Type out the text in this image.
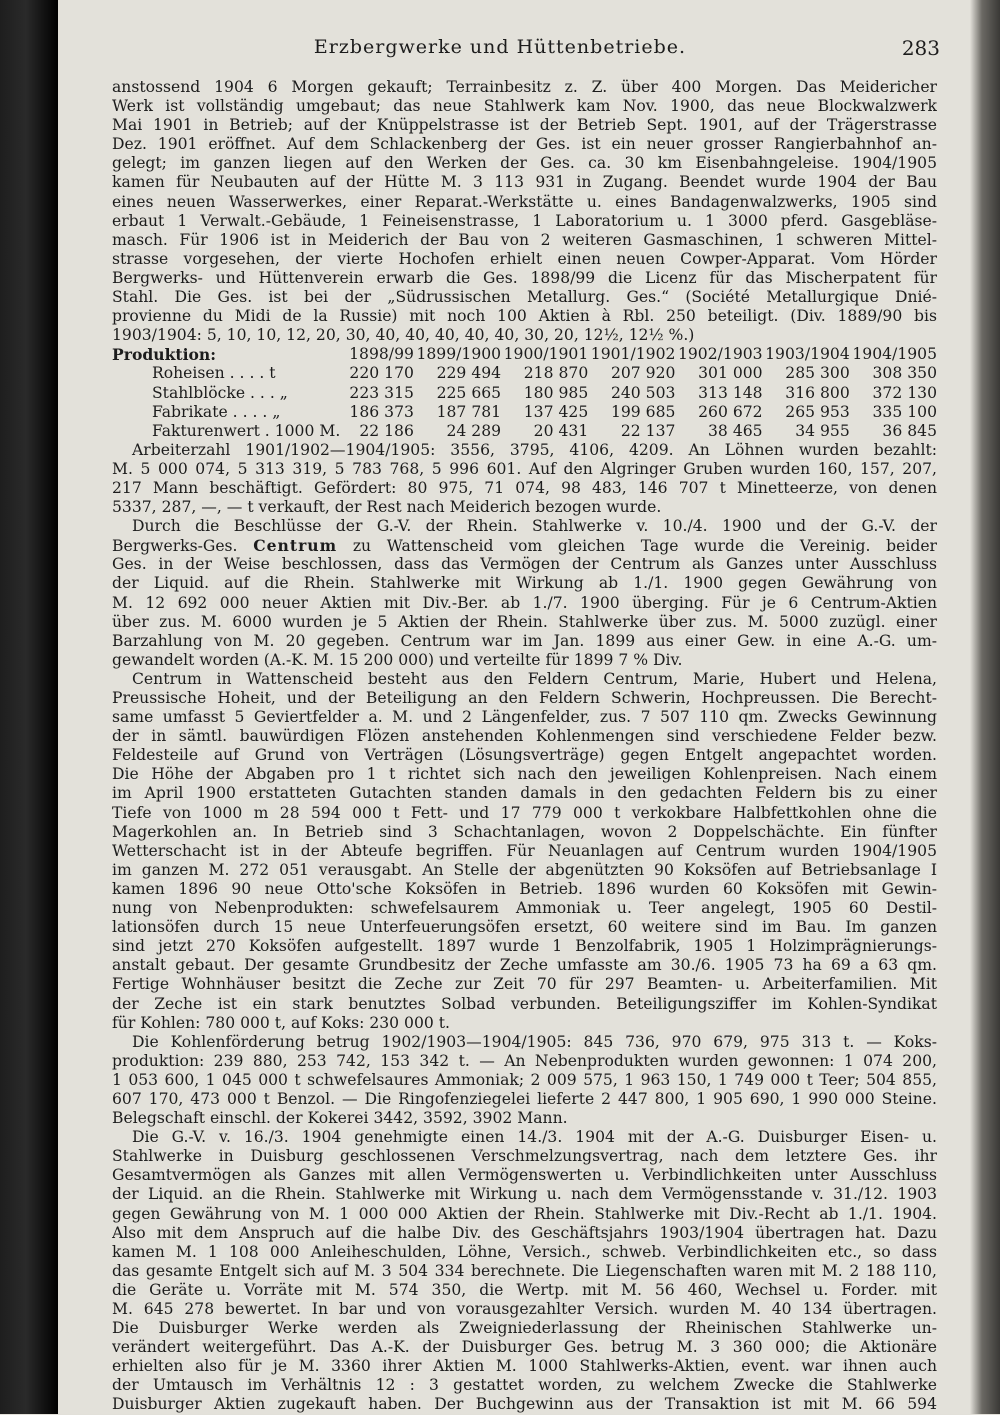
Erzbergwerke und Hüttenbetriebe.	283
anstossend 1904 6 Morgen gekauft; Terrainbesitz z. Z. über 400 Morgen. Das Meidericher
Werk ist vollständig umgebaut; das neue Stahlwerk kam Nov. 1900, das neue Blockwalzwerk
Mai 1901 in Betrieb; auf der Knüppelstrasse ist der Betrieb Sept. 1901, auf der Trägerstrasse
Dez. 1901 eröffnet. Auf dem Schlackenberg der Ges. ist ein neuer grosser Rangierbahnhof an-
gelegt; im ganzen liegen auf den Werken der Ges. ca. 30 km Eisenbahngeleise. 1904/1905
kamen für Neubauten auf der Hütte M. 3 113 931 in Zugang. Beendet wurde 1904 der Bau
eines neuen Wasserwerkes, einer Reparat.-Werkstätte u. eines Bandagenwalzwerks, 1905 sind
erbaut 1 Verwalt.-Gebäude, 1 Feineisenstrasse, 1 Laboratorium u. 1 3000 pferd. Gasgebläse-
masch. Für 1906 ist in Meiderich der Bau von 2 weiteren Gasmaschinen, 1 schweren Mittel-
strasse vorgesehen, der vierte Hochofen erhielt einen neuen Cowper-Apparat. Vom Hörder
Bergwerks- und Hüttenverein erwarb die Ges. 1898/99 die Licenz für das Mischerpatent für
Stahl. Die Ges. ist bei der „Südrussischen Metallurg. Ges.“ (Société Metallurgique Dnié-
provienne du Midi de la Russie) mit noch 100 Aktien à Rbl. 250 beteiligt. (Div. 1889/90 bis
1903/1904: 5, 10, 10, 12, 20, 30, 40, 40, 40, 40, 40, 30, 20, 12½, 12½ %.)
Produktion:	1898/99	1899/1900	1900/1901	1901/1902	1902/1903	1903/1904	1904/1905
Roheisen . . . . t	220 170	229 494	218 870	207 920	301 000	285 300	308 350
Stahlblöcke . . . „	223 315	225 665	180 985	240 503	313 148	316 800	372 130
Fabrikate . . . . „	186 373	187 781	137 425	199 685	260 672	265 953	335 100
Fakturenwert . 1000 M.	22 186	24 289	20 431	22 137	38 465	34 955	36 845
Arbeiterzahl 1901/1902—1904/1905: 3556, 3795, 4106, 4209. An Löhnen wurden bezahlt:
M. 5 000 074, 5 313 319, 5 783 768, 5 996 601. Auf den Algringer Gruben wurden 160, 157, 207,
217 Mann beschäftigt. Gefördert: 80 975, 71 074, 98 483, 146 707 t Minetteerze, von denen
5337, 287, —, — t verkauft, der Rest nach Meiderich bezogen wurde.
Durch die Beschlüsse der G.-V. der Rhein. Stahlwerke v. 10./4. 1900 und der G.-V. der
Bergwerks-Ges. Centrum zu Wattenscheid vom gleichen Tage wurde die Vereinig. beider
Ges. in der Weise beschlossen, dass das Vermögen der Centrum als Ganzes unter Ausschluss
der Liquid. auf die Rhein. Stahlwerke mit Wirkung ab 1./1. 1900 gegen Gewährung von
M. 12 692 000 neuer Aktien mit Div.-Ber. ab 1./7. 1900 überging. Für je 6 Centrum-Aktien
über zus. M. 6000 wurden je 5 Aktien der Rhein. Stahlwerke über zus. M. 5000 zuzügl. einer
Barzahlung von M. 20 gegeben. Centrum war im Jan. 1899 aus einer Gew. in eine A.-G. um-
gewandelt worden (A.-K. M. 15 200 000) und verteilte für 1899 7 % Div.
Centrum in Wattenscheid besteht aus den Feldern Centrum, Marie, Hubert und Helena,
Preussische Hoheit, und der Beteiligung an den Feldern Schwerin, Hochpreussen. Die Berecht-
same umfasst 5 Geviertfelder a. M. und 2 Längenfelder, zus. 7 507 110 qm. Zwecks Gewinnung
der in sämtl. bauwürdigen Flözen anstehenden Kohlenmengen sind verschiedene Felder bezw.
Feldesteile auf Grund von Verträgen (Lösungsverträge) gegen Entgelt angepachtet worden.
Die Höhe der Abgaben pro 1 t richtet sich nach den jeweiligen Kohlenpreisen. Nach einem
im April 1900 erstatteten Gutachten standen damals in den gedachten Feldern bis zu einer
Tiefe von 1000 m 28 594 000 t Fett- und 17 779 000 t verkokbare Halbfettkohlen ohne die
Magerkohlen an. In Betrieb sind 3 Schachtanlagen, wovon 2 Doppelschächte. Ein fünfter
Wetterschacht ist in der Abteufe begriffen. Für Neuanlagen auf Centrum wurden 1904/1905
im ganzen M. 272 051 verausgabt. An Stelle der abgenützten 90 Koksöfen auf Betriebsanlage I
kamen 1896 90 neue Otto'sche Koksöfen in Betrieb. 1896 wurden 60 Koksöfen mit Gewin-
nung von Nebenprodukten: schwefelsaurem Ammoniak u. Teer angelegt, 1905 60 Destil-
lationsöfen durch 15 neue Unterfeuerungsöfen ersetzt, 60 weitere sind im Bau. Im ganzen
sind jetzt 270 Koksöfen aufgestellt. 1897 wurde 1 Benzolfabrik, 1905 1 Holzimprägnierungs-
anstalt gebaut. Der gesamte Grundbesitz der Zeche umfasste am 30./6. 1905 73 ha 69 a 63 qm.
Fertige Wohnhäuser besitzt die Zeche zur Zeit 70 für 297 Beamten- u. Arbeiterfamilien. Mit
der Zeche ist ein stark benutztes Solbad verbunden. Beteiligungsziffer im Kohlen-Syndikat
für Kohlen: 780 000 t, auf Koks: 230 000 t.
Die Kohlenförderung betrug 1902/1903—1904/1905: 845 736, 970 679, 975 313 t. — Koks-
produktion: 239 880, 253 742, 153 342 t. — An Nebenprodukten wurden gewonnen: 1 074 200,
1 053 600, 1 045 000 t schwefelsaures Ammoniak; 2 009 575, 1 963 150, 1 749 000 t Teer; 504 855,
607 170, 473 000 t Benzol. — Die Ringofenziegelei lieferte 2 447 800, 1 905 690, 1 990 000 Steine.
Belegschaft einschl. der Kokerei 3442, 3592, 3902 Mann.
Die G.-V. v. 16./3. 1904 genehmigte einen 14./3. 1904 mit der A.-G. Duisburger Eisen- u.
Stahlwerke in Duisburg geschlossenen Verschmelzungsvertrag, nach dem letztere Ges. ihr
Gesamtvermögen als Ganzes mit allen Vermögenswerten u. Verbindlichkeiten unter Ausschluss
der Liquid. an die Rhein. Stahlwerke mit Wirkung u. nach dem Vermögensstande v. 31./12. 1903
gegen Gewährung von M. 1 000 000 Aktien der Rhein. Stahlwerke mit Div.-Recht ab 1./1. 1904.
Also mit dem Anspruch auf die halbe Div. des Geschäftsjahrs 1903/1904 übertragen hat. Dazu
kamen M. 1 108 000 Anleiheschulden, Löhne, Versich., schweb. Verbindlichkeiten etc., so dass
das gesamte Entgelt sich auf M. 3 504 334 berechnete. Die Liegenschaften waren mit M. 2 188 110,
die Geräte u. Vorräte mit M. 574 350, die Wertp. mit M. 56 460, Wechsel u. Forder. mit
M. 645 278 bewertet. In bar und von vorausgezahlter Versich. wurden M. 40 134 übertragen.
Die Duisburger Werke werden als Zweigniederlassung der Rheinischen Stahlwerke un-
verändert weitergeführt. Das A.-K. der Duisburger Ges. betrug M. 3 360 000; die Aktionäre
erhielten also für je M. 3360 ihrer Aktien M. 1000 Stahlwerks-Aktien, event. war ihnen auch
der Umtausch im Verhältnis 12 : 3 gestattet worden, zu welchem Zwecke die Stahlwerke
Duisburger Aktien zugekauft haben. Der Buchgewinn aus der Transaktion ist mit M. 66 594
